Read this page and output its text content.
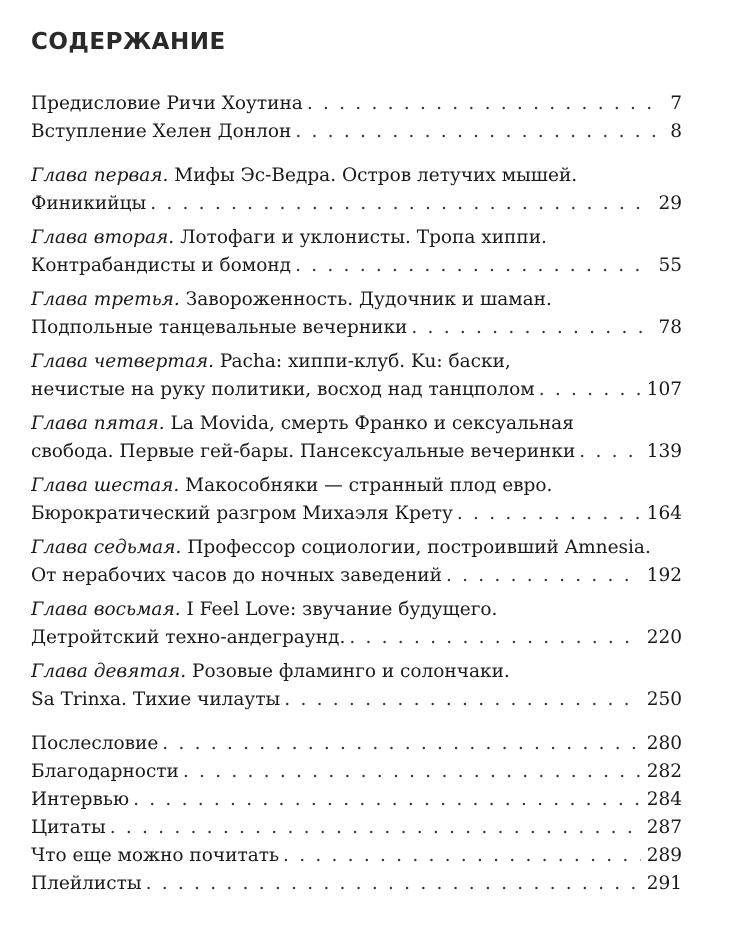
СОДЕРЖАНИЕ
Предисловие Ричи Хоутина . . .	7
Вступление Хелен Донлон . . .	8
Глава первая. Мифы Эс-Ведра. Остров летучих мышей.
Финикийцы . . .	29
Глава вторая. Лотофаги и уклонисты. Тропа хиппи.
Контрабандисты и бомонд . . .	55
Глава третья. Завороженность. Дудочник и шаман.
Подпольные танцевальные вечерники . . .	78
Глава четвертая. Pacha: хиппи-клуб. Ku: баски,
нечистые на руку политики, восход над танцполом . . .	107
Глава пятая. La Movida, смерть Франко и сексуальная
свобода. Первые гей-бары. Пансексуальные вечеринки . . .	139
Глава шестая. Макособняки — странный плод евро.
Бюрократический разгром Михаэля Крету . . .	164
Глава седьмая. Профессор социологии, построивший Amnesia.
От нерабочих часов до ночных заведений . . .	192
Глава восьмая. I Feel Love: звучание будущего.
Детройтский техно-андеграунд. . . .	220
Глава девятая. Розовые фламинго и солончаки.
Sa Trinxa. Тихие чилауты . . .	250
Послесловие . . .	280
Благодарности . . .	282
Интервью . . .	284
Цитаты . . .	287
Что еще можно почитать . . .	289
Плейлисты . . .	291
